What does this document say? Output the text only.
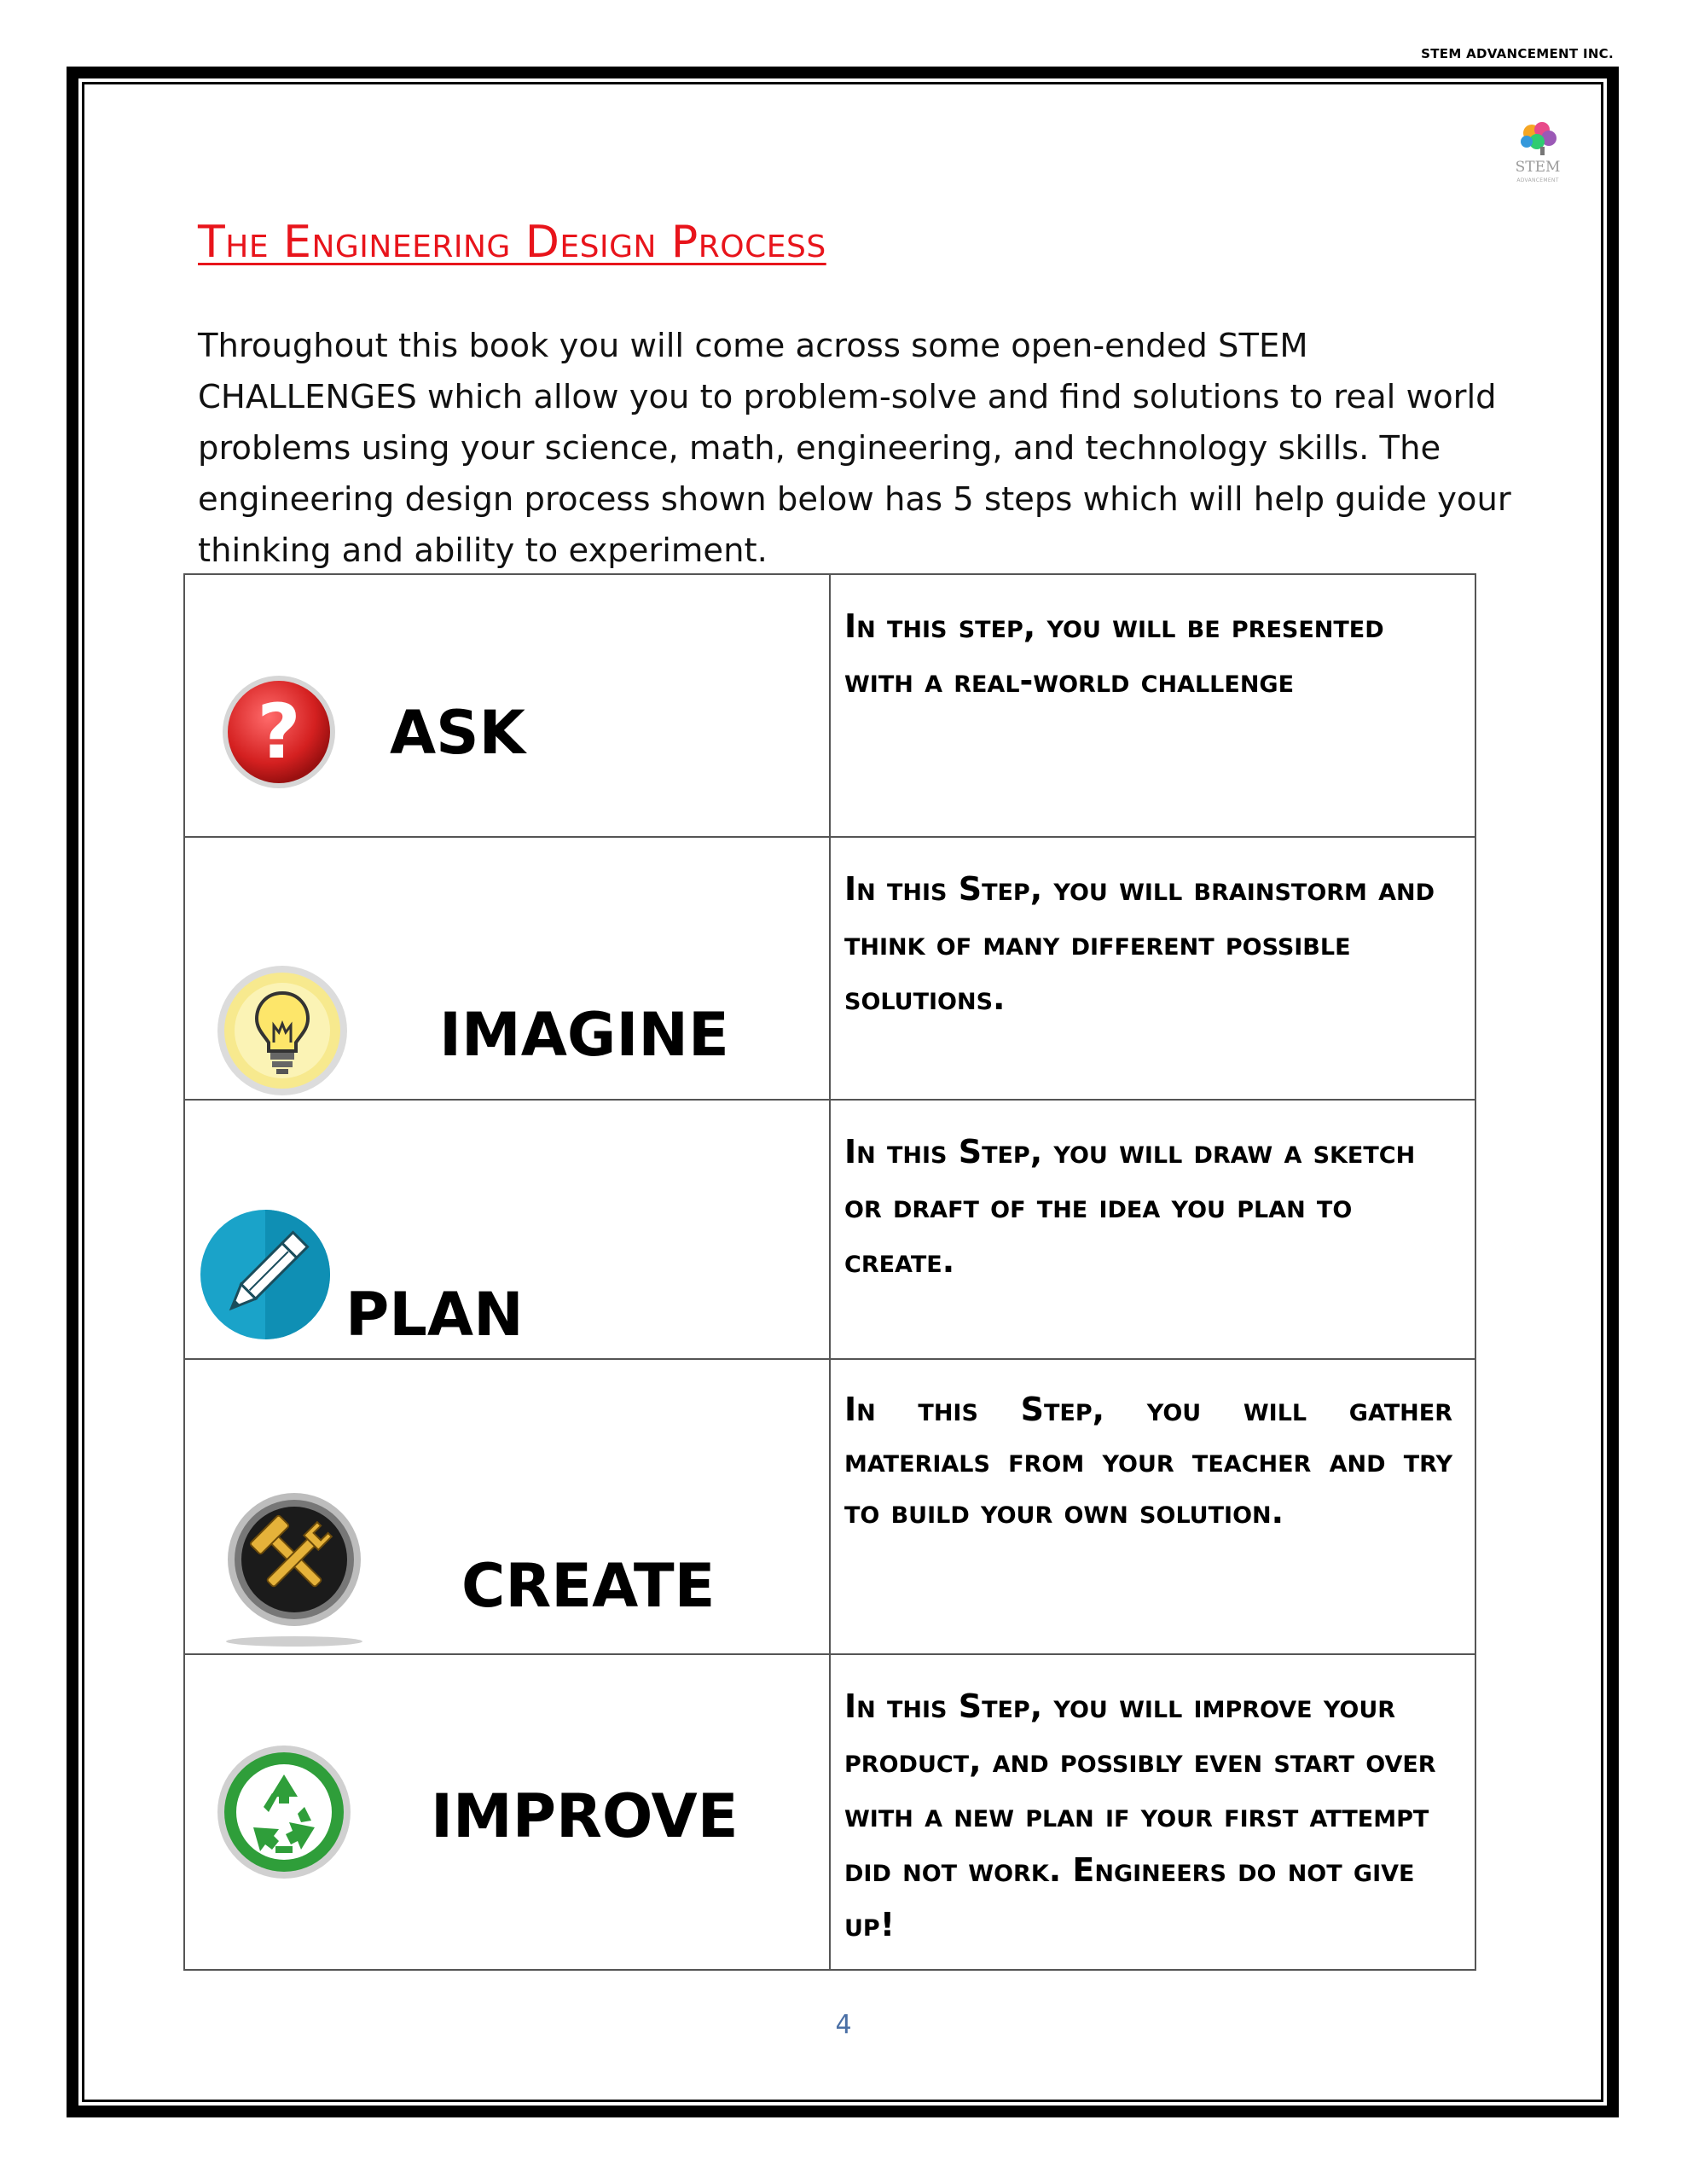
STEM ADVANCEMENT INC.
STEM
ADVANCEMENT
The Engineering Design Process

Throughout this book you will come across some open-ended STEM CHALLENGES which allow you to problem-solve and find solutions to real world problems using your science, math, engineering, and technology skills. The engineering design process shown below has 5 steps which will help guide your thinking and ability to experiment.

? ASK	In this step, you will be presented with a real-world challenge

IMAGINE	In this Step, you will brainstorm and think of many different possible solutions.

PLAN	In this Step, you will draw a sketch or draft of the idea you plan to create.

CREATE	In this Step, you will gather materials from your teacher and try to build your own solution.

IMPROVE	In this Step, you will improve your product, and possibly even start over with a new plan if your first attempt did not work. Engineers do not give up!

4
